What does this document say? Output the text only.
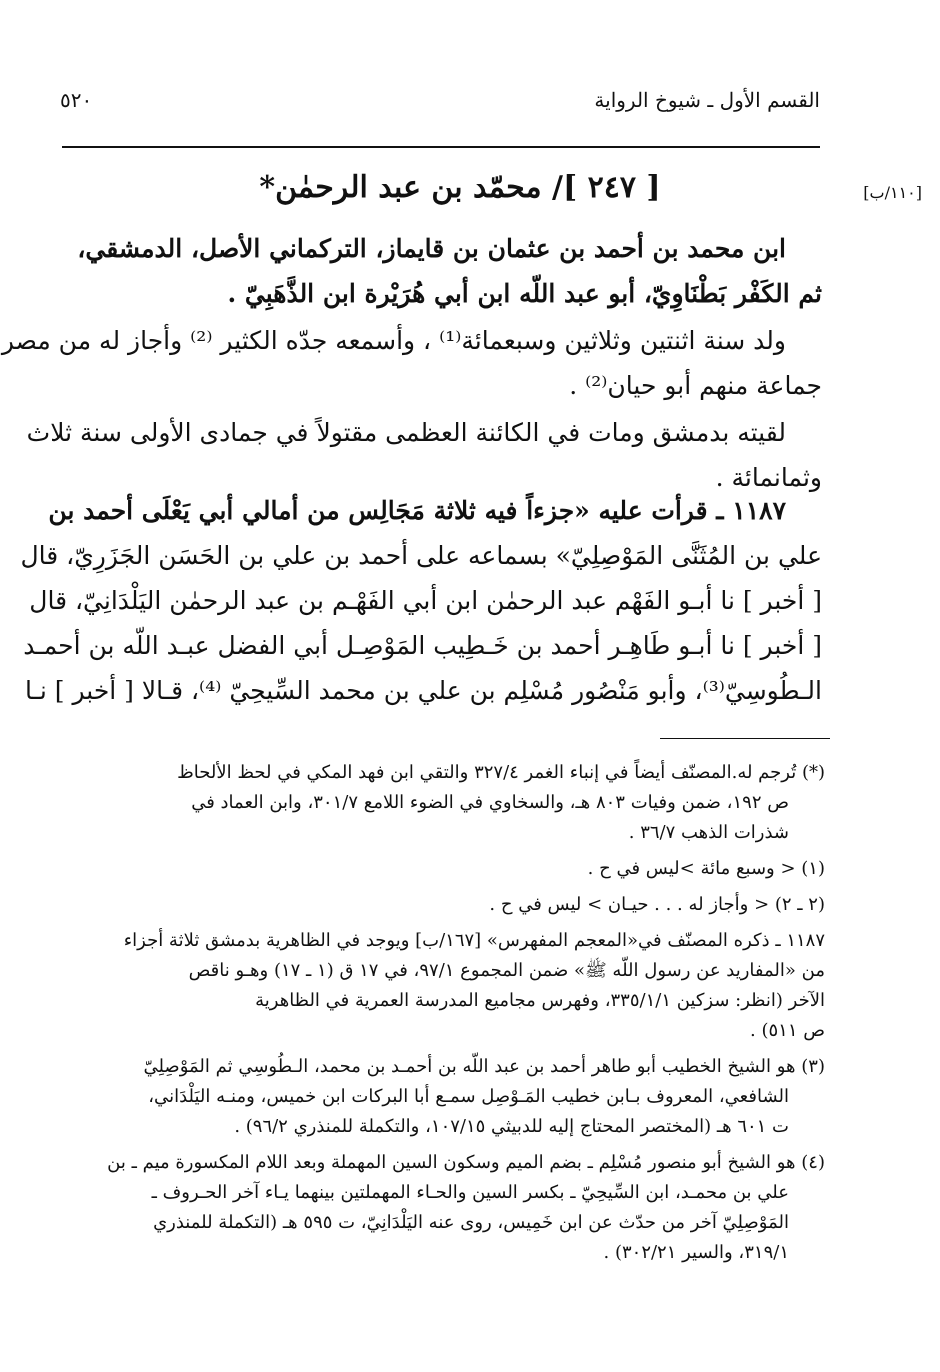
القسم الأول ـ شيوخ الرواية
٥٢٠
[١١٠/ب]
[ ٢٤٧ ]/ محمّد بن عبد الرحمٰن*
ابن محمد بن أحمد بن عثمان بن قايماز، التركماني الأصل، الدمشقي،
ثم الكَفْر بَطْنَاوِيّ، أبو عبد اللّه ابن أبي هُرَيْرة ابن الذَّهَبِيّ .
ولد سنة اثنتين وثلاثين وسبعمائة⁽¹⁾ ، وأسمعه جدّه الكثير ⁽²⁾ وأجاز له من مصر
جماعة منهم أبو حيان⁽²⁾ .
لقيته بدمشق ومات في الكائنة العظمى مقتولاً في جمادى الأولى سنة ثلاث
وثمانمائة .
١١٨٧ ـ قرأت عليه «جزءاً فيه ثلاثة مَجَالِس من أمالي أبي يَعْلَى أحمد بن
علي بن المُثَنَّى المَوْصِلِيّ» بسماعه على أحمد بن علي بن الحَسَن الجَزَرِيّ، قال
[ أخبر ] نا أبـو الفَهْم عبد الرحمٰن ابن أبي الفَهْـم بن عبد الرحمٰن اليَلْدَانِيّ، قال
[ أخبر ] نا أبـو طَاهِـر أحمد بن خَـطِيب المَوْصِـل أبي الفضل عبـد اللّه بن أحمـد
الـطُوسِيّ⁽³⁾، وأبو مَنْصُور مُسْلِم بن علي بن محمد السِّيحِيّ ⁽⁴⁾، قـالا [ أخبر ] نـا
(*) تُرجم له.المصنّف أيضاً في إنباء الغمر ٣٢٧/٤ والتقي ابن فهد المكي في لحظ الألحاظ
ص ١٩٢، ضمن وفيات ٨٠٣ هـ، والسخاوي في الضوء اللامع ٣٠١/٧، وابن العماد في
شذرات الذهب ٣٦/٧ .
(١) < وسبع مائة >ليس في ح .
(٢ ـ ٢) < وأجاز له . . . حيـان > ليس في ح .
١١٨٧ ـ ذكره المصنّف في«المعجم المفهرس» [١٦٧/ب] ويوجد في الظاهرية بدمشق ثلاثة أجزاء
من «المفاريد عن رسول اللّه ﷺ» ضمن المجموع ٩٧/١، في ١٧ ق (١ ـ ١٧) وهـو ناقص
الآخر (انظر: سزكين ٣٣٥/١/١، وفهرس مجاميع المدرسة العمرية في الظاهرية
ص ٥١١) .
(٣) هو الشيخ الخطيب أبو طاهر أحمد بن عبد اللّه بن أحمـد بن محمد، الـطُوسِي ثم المَوْصِلِيّ
الشافعي، المعروف بـابن خطيب المَـوْصِل سمـع أبا البركات ابن خميس، ومنـه اليَلْدَاني،
ت ٦٠١ هـ (المختصر المحتاج إليه للدبيثي ١٠٧/١٥، والتكملة للمنذري ٩٦/٢) .
(٤) هو الشيخ أبو منصور مُسْلِم ـ بضم الميم وسكون السين المهملة وبعد اللام المكسورة ميم ـ بن
علي بن محمـد، ابن السِّيحِيّ ـ بكسر السين والحـاء المهملتين بينهما يـاء آخر الحـروف ـ
المَوْصِلِيّ آخر من حدّث عن ابن خَمِيس، روى عنه اليَلْدَانِيّ، ت ٥٩٥ هـ (التكملة للمنذري
٣١٩/١، والسير ٣٠٢/٢١) .
